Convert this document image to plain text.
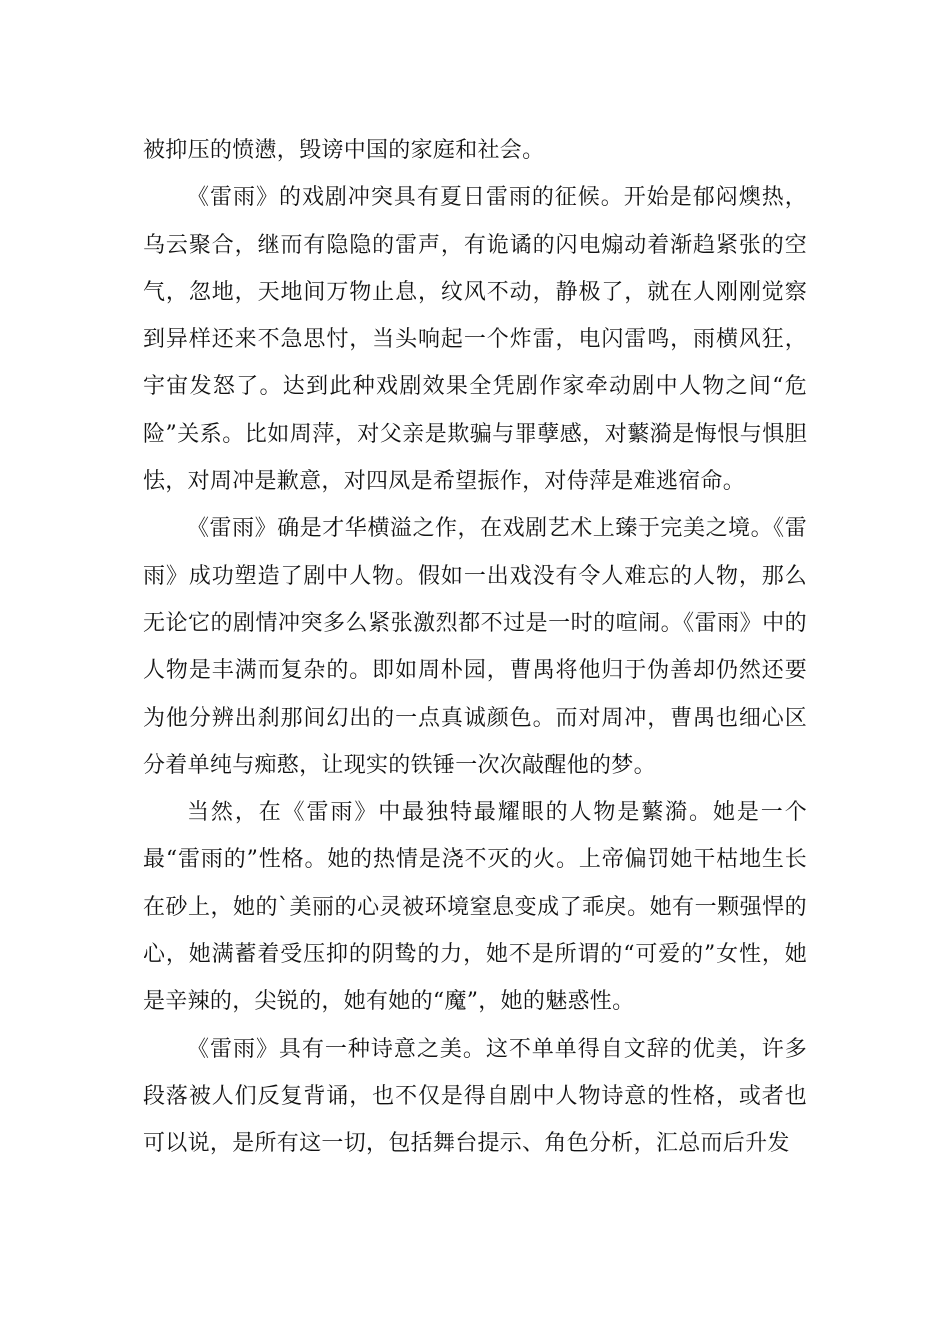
被抑压的愤懑，毁谤中国的家庭和社会。

《雷雨》的戏剧冲突具有夏日雷雨的征候。开始是郁闷燠热，乌云聚合，继而有隐隐的雷声，有诡谲的闪电煽动着渐趋紧张的空气，忽地，天地间万物止息，纹风不动，静极了，就在人刚刚觉察到异样还来不急思忖，当头响起一个炸雷，电闪雷鸣，雨横风狂，宇宙发怒了。达到此种戏剧效果全凭剧作家牵动剧中人物之间“危险”关系。比如周萍，对父亲是欺骗与罪孽感，对蘩漪是悔恨与惧胆怯，对周冲是歉意，对四凤是希望振作，对侍萍是难逃宿命。

《雷雨》确是才华横溢之作，在戏剧艺术上臻于完美之境。《雷雨》成功塑造了剧中人物。假如一出戏没有令人难忘的人物，那么无论它的剧情冲突多么紧张激烈都不过是一时的喧闹。《雷雨》中的人物是丰满而复杂的。即如周朴园，曹禺将他归于伪善却仍然还要为他分辨出刹那间幻出的一点真诚颜色。而对周冲，曹禺也细心区分着单纯与痴憨，让现实的铁锤一次次敲醒他的梦。

当然，在《雷雨》中最独特最耀眼的人物是蘩漪。她是一个最“雷雨的”性格。她的热情是浇不灭的火。上帝偏罚她干枯地生长在砂上，她的`美丽的心灵被环境窒息变成了乖戾。她有一颗强悍的心，她满蓄着受压抑的阴鸷的力，她不是所谓的“可爱的”女性，她是辛辣的，尖锐的，她有她的“魔”，她的魅惑性。

《雷雨》具有一种诗意之美。这不单单得自文辞的优美，许多段落被人们反复背诵，也不仅是得自剧中人物诗意的性格，或者也可以说，是所有这一切，包括舞台提示、角色分析，汇总而后升发
